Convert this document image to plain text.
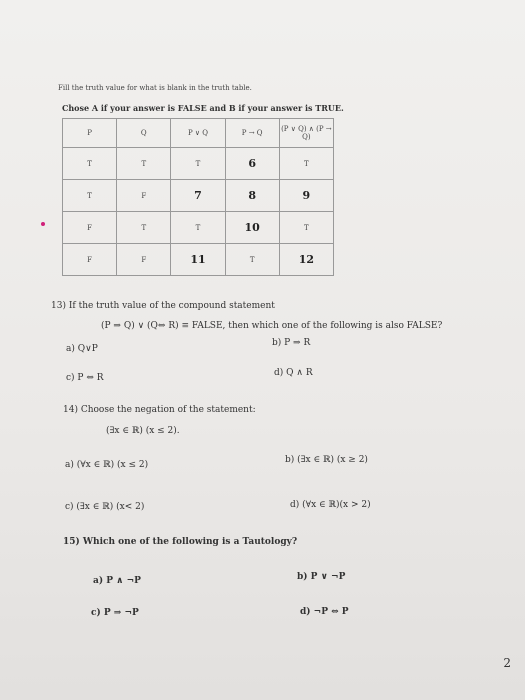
Fill the truth value for what is blank in the truth table.
Chose A if your answer is FALSE and B if your answer is TRUE.
P	Q	P ∨ Q	P → Q	(P ∨ Q) ∧ (P → Q)
T	T	T	6	T
T	F	7	8	9
F	T	T	10	T
F	F	11	T	12
13) If the truth value of the compound statement
(P ⇒ Q) ∨ (Q⇔ R) ≡ FALSE, then which one of the following is also FALSE?
a) Q∨P
b) P ⇒ R
c) P ⇔ R	d) Q ∧ R
14) Choose the negation of the statement:
(∃x ∈ ℝ) (x ≤ 2).
a) (∀x ∈ ℝ) (x ≤ 2)	b) (∃x ∈ ℝ) (x ≥ 2)
c) (∃x ∈ ℝ) (x< 2)	d) (∀x ∈ ℝ)(x > 2)
15) Which one of the following is a Tautology?
a) P ∧ ¬P	b) P ∨ ¬P
c) P ⇒ ¬P	d) ¬P ⇔ P
2
